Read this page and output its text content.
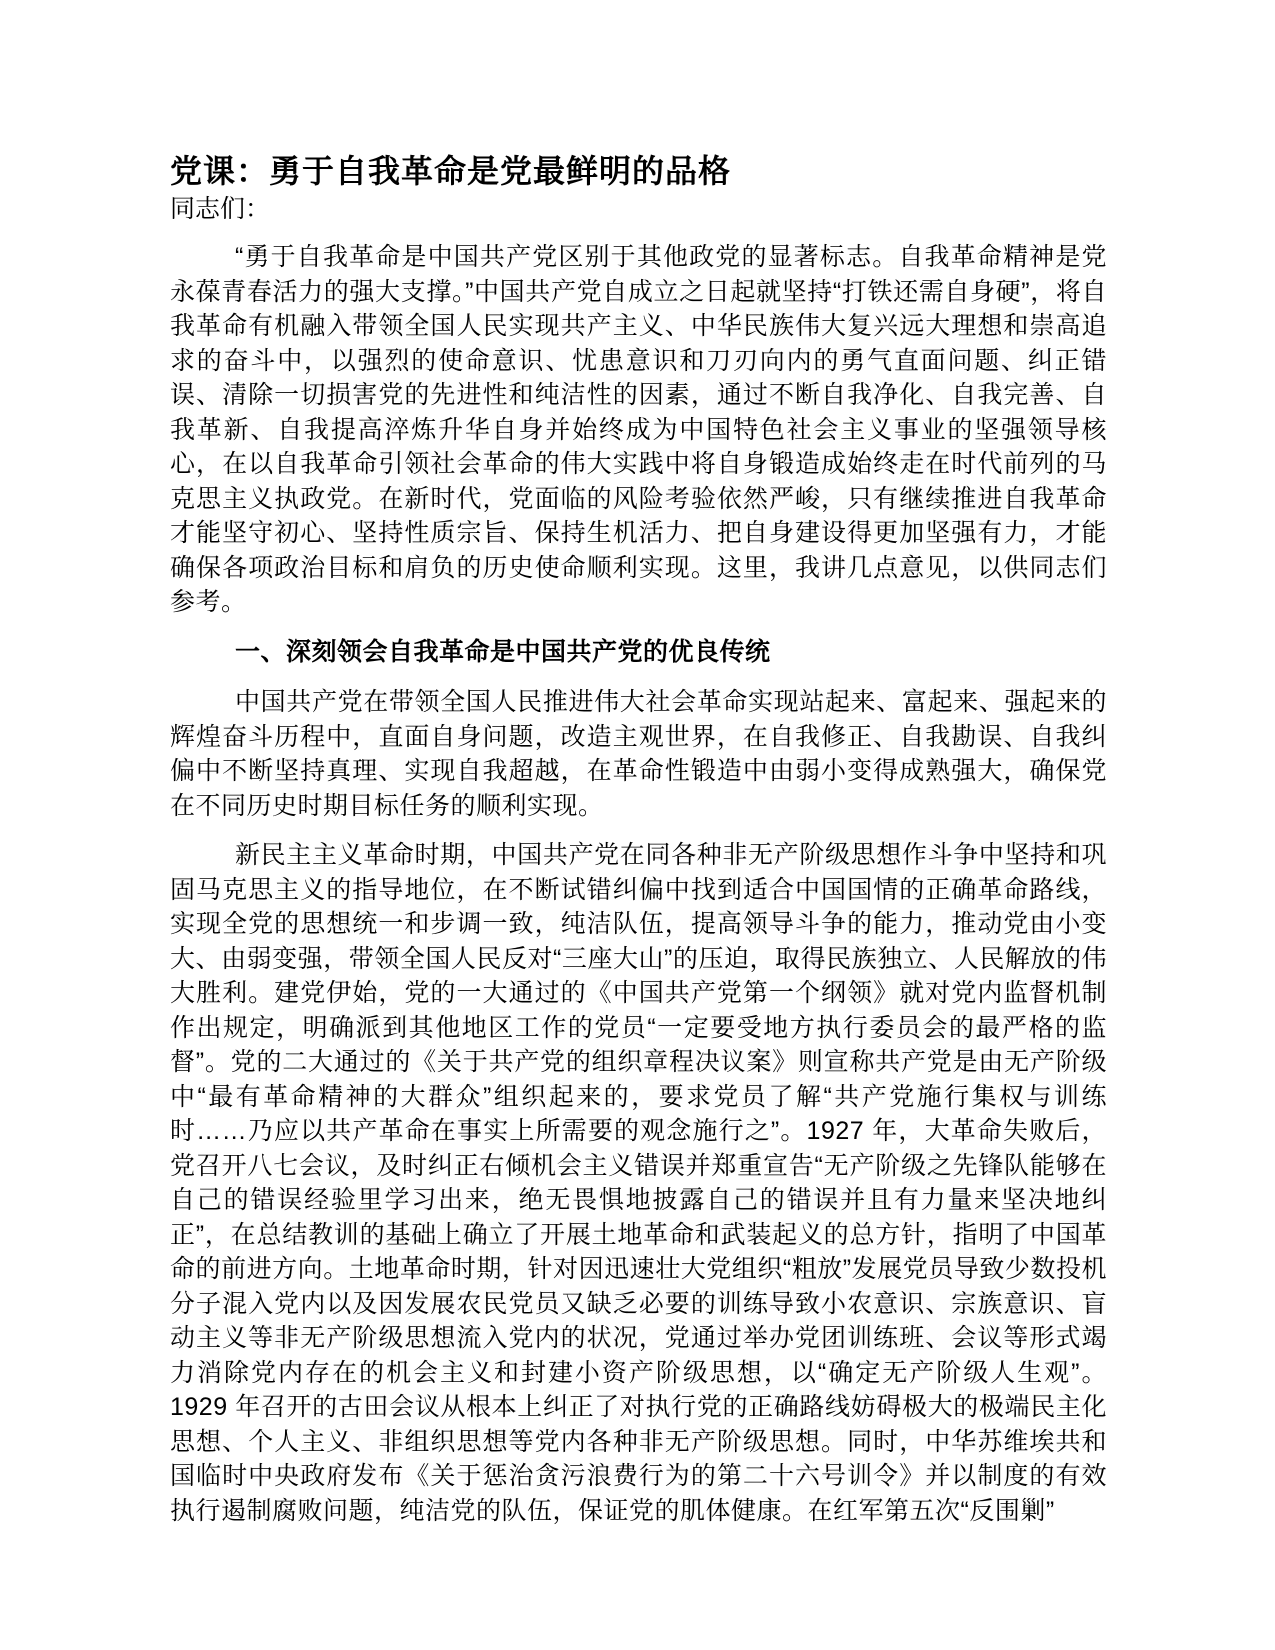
党课：勇于自我革命是党最鲜明的品格

同志们：

“勇于自我革命是中国共产党区别于其他政党的显著标志。自我革命精神是党永葆青春活力的强大支撑。”中国共产党自成立之日起就坚持“打铁还需自身硬”，将自我革命有机融入带领全国人民实现共产主义、中华民族伟大复兴远大理想和崇高追求的奋斗中，以强烈的使命意识、忧患意识和刀刃向内的勇气直面问题、纠正错误、清除一切损害党的先进性和纯洁性的因素，通过不断自我净化、自我完善、自我革新、自我提高淬炼升华自身并始终成为中国特色社会主义事业的坚强领导核心，在以自我革命引领社会革命的伟大实践中将自身锻造成始终走在时代前列的马克思主义执政党。在新时代，党面临的风险考验依然严峻，只有继续推进自我革命才能坚守初心、坚持性质宗旨、保持生机活力、把自身建设得更加坚强有力，才能确保各项政治目标和肩负的历史使命顺利实现。这里，我讲几点意见，以供同志们参考。

一、深刻领会自我革命是中国共产党的优良传统

中国共产党在带领全国人民推进伟大社会革命实现站起来、富起来、强起来的辉煌奋斗历程中，直面自身问题，改造主观世界，在自我修正、自我勘误、自我纠偏中不断坚持真理、实现自我超越，在革命性锻造中由弱小变得成熟强大，确保党在不同历史时期目标任务的顺利实现。

新民主主义革命时期，中国共产党在同各种非无产阶级思想作斗争中坚持和巩固马克思主义的指导地位，在不断试错纠偏中找到适合中国国情的正确革命路线，实现全党的思想统一和步调一致，纯洁队伍，提高领导斗争的能力，推动党由小变大、由弱变强，带领全国人民反对“三座大山”的压迫，取得民族独立、人民解放的伟大胜利。建党伊始，党的一大通过的《中国共产党第一个纲领》就对党内监督机制作出规定，明确派到其他地区工作的党员“一定要受地方执行委员会的最严格的监督”。党的二大通过的《关于共产党的组织章程决议案》则宣称共产党是由无产阶级中“最有革命精神的大群众”组织起来的，要求党员了解“共产党施行集权与训练时……乃应以共产革命在事实上所需要的观念施行之”。1927 年，大革命失败后，党召开八七会议，及时纠正右倾机会主义错误并郑重宣告“无产阶级之先锋队能够在自己的错误经验里学习出来，绝无畏惧地披露自己的错误并且有力量来坚决地纠正”，在总结教训的基础上确立了开展土地革命和武装起义的总方针，指明了中国革命的前进方向。土地革命时期，针对因迅速壮大党组织“粗放”发展党员导致少数投机分子混入党内以及因发展农民党员又缺乏必要的训练导致小农意识、宗族意识、盲动主义等非无产阶级思想流入党内的状况，党通过举办党团训练班、会议等形式竭力消除党内存在的机会主义和封建小资产阶级思想，以“确定无产阶级人生观”。1929 年召开的古田会议从根本上纠正了对执行党的正确路线妨碍极大的极端民主化思想、个人主义、非组织思想等党内各种非无产阶级思想。同时，中华苏维埃共和国临时中央政府发布《关于惩治贪污浪费行为的第二十六号训令》并以制度的有效执行遏制腐败问题，纯洁党的队伍，保证党的肌体健康。在红军第五次“反围剿”
